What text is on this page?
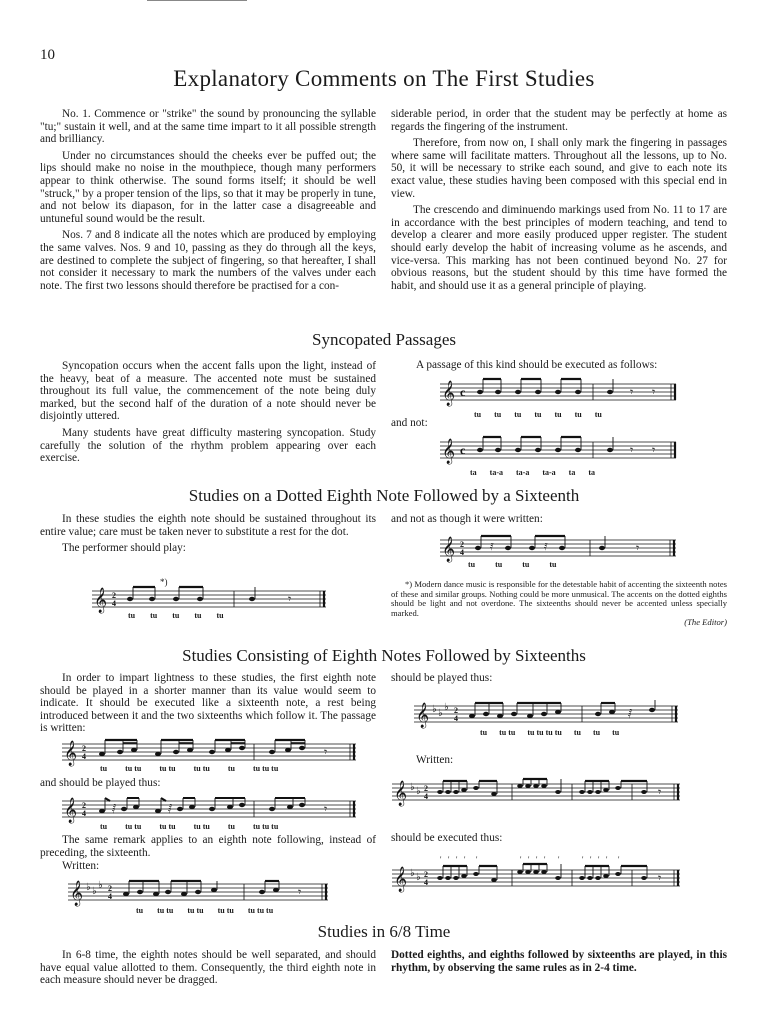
10
Explanatory Comments on The First Studies

No. 1. Commence or "strike" the sound by pronouncing the syllable "tu;" sustain it well, and at the same time impart to it all possible strength and brilliancy.

Under no circumstances should the cheeks ever be puffed out; the lips should make no noise in the mouthpiece, though many performers appear to think otherwise. The sound forms itself; it should be well "struck," by a proper tension of the lips, so that it may be properly in tune, and not below its diapason, for in the latter case a disagreeable and untuneful sound would be the result.

Nos. 7 and 8 indicate all the notes which are produced by employing the same valves. Nos. 9 and 10, passing as they do through all the keys, are destined to complete the subject of fingering, so that hereafter, I shall not consider it necessary to mark the numbers of the valves under each note. The first two lessons should therefore be practised for a con-

siderable period, in order that the student may be perfectly at home as regards the fingering of the instrument.

Therefore, from now on, I shall only mark the fingering in passages where same will facilitate matters. Throughout all the lessons, up to No. 50, it will be necessary to strike each sound, and give to each note its exact value, these studies having been composed with this special end in view.

The crescendo and diminuendo markings used from No. 11 to 17 are in accordance with the best principles of modern teaching, and tend to develop a clearer and more easily produced upper register. The student should early develop the habit of increasing volume as he ascends, and vice-versa. This marking has not been continued beyond No. 27 for obvious reasons, but the student should by this time have formed the habit, and should use it as a general principle of playing.

Syncopated Passages

Syncopation occurs when the accent falls upon the light, instead of the heavy, beat of a measure. The accented note must be sustained throughout its full value, the commencement of the note being duly marked, but the second half of the duration of a note should never be disjointly uttered.

Many students have great difficulty mastering syncopation. Study carefully the solution of the rhythm problem appearing over each exercise.

A passage of this kind should be executed as follows:
and not:
𝄞 c	𝄾 𝄾
tu tu tu tu tu tu tu
𝄞 c	𝄾 𝄾
ta ta-a ta-a ta-a ta ta
Studies on a Dotted Eighth Note Followed by a Sixteenth

In these studies the eighth note should be sustained throughout its entire value; care must be taken never to substitute a rest for the dot.

The performer should play:

and not as though it were written:
*)
𝄞 2
4	𝄾
tu tu tu tu tu
𝄞 2
4	𝅀	𝅀	𝄾
tu	tu	tu	tu

*) Modern dance music is responsible for the detestable habit of accenting the sixteenth notes of these and similar groups. Nothing could be more unmusical. The accents on the dotted eighths should be light and not overdone. The sixteenths should never be accented unless specially marked.

(The Editor)
Studies Consisting of Eighth Notes Followed by Sixteenths

In order to impart lightness to these studies, the first eighth note should be played in a shorter manner than its value would seem to indicate. It should be executed like a sixteenth note, a rest being introduced between it and the two sixteenths which follow it. The passage is written:

and should be played thus:

The same remark applies to an eighth note following, instead of preceding, the sixteenth.

Written:
should be played thus:
Written:
should be executed thus:
𝄞 2
4	𝄾
tu tu tu tu tu tu tu tu tu tu tu
𝄞 2
4	𝅁	𝅁	𝄾
tu tu tu tu tu tu tu tu tu tu tu
𝄞 ♭ ♭
♭ 2
4	𝄾
tu tu tu tu tu tu tu tu tu tu
𝄞 ♭ ♭
♭ 2
4	𝅁
tu tu tu tu tu tu tu tu tu tu
𝄞 ♭ ♭ 2
4	𝄾
𝄞 ♭ ♭ 2
4
' ' ' ' '	' ' ' ' '	' ' ' ' '
𝄾
Studies in 6/8 Time

In 6-8 time, the eighth notes should be well separated, and should have equal value allotted to them. Consequently, the third eighth note in each measure should never be dragged.

Dotted eighths, and eighths followed by sixteenths are played, in this rhythm, by observing the same rules as in 2-4 time.
